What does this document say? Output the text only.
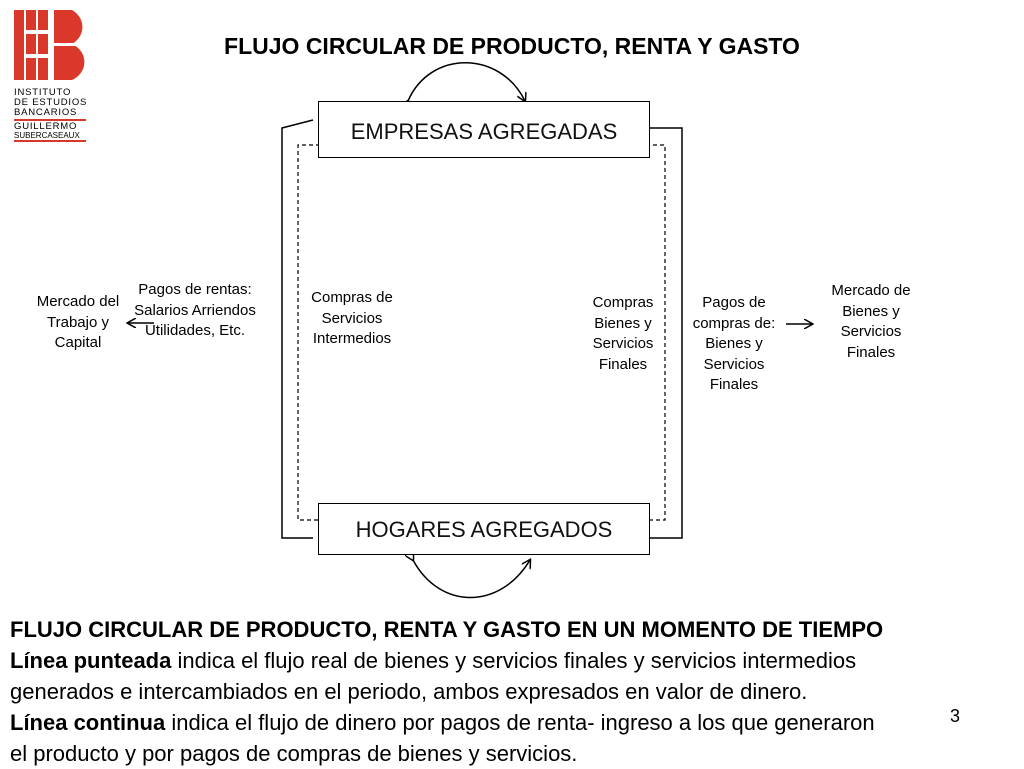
INSTITUTO
DE ESTUDIOS
BANCARIOS
GUILLERMO
SUBERCASEAUX
FLUJO CIRCULAR DE PRODUCTO, RENTA Y GASTO
EMPRESAS AGREGADAS
HOGARES AGREGADOS
Mercado del Trabajo y Capital
Pagos de rentas: Salarios Arriendos Utilidades, Etc.
Compras de Servicios Intermedios
Compras Bienes y Servicios Finales
Pagos de compras de: Bienes y Servicios Finales
Mercado de Bienes y Servicios Finales
FLUJO CIRCULAR DE PRODUCTO, RENTA Y GASTO EN UN MOMENTO DE TIEMPO
Línea punteada indica el flujo real de bienes y servicios finales y servicios intermedios
generados e intercambiados en el periodo, ambos expresados en valor de dinero.
Línea continua indica el flujo de dinero por pagos de renta- ingreso a los que generaron
el producto y por pagos de compras de bienes y servicios.
3
